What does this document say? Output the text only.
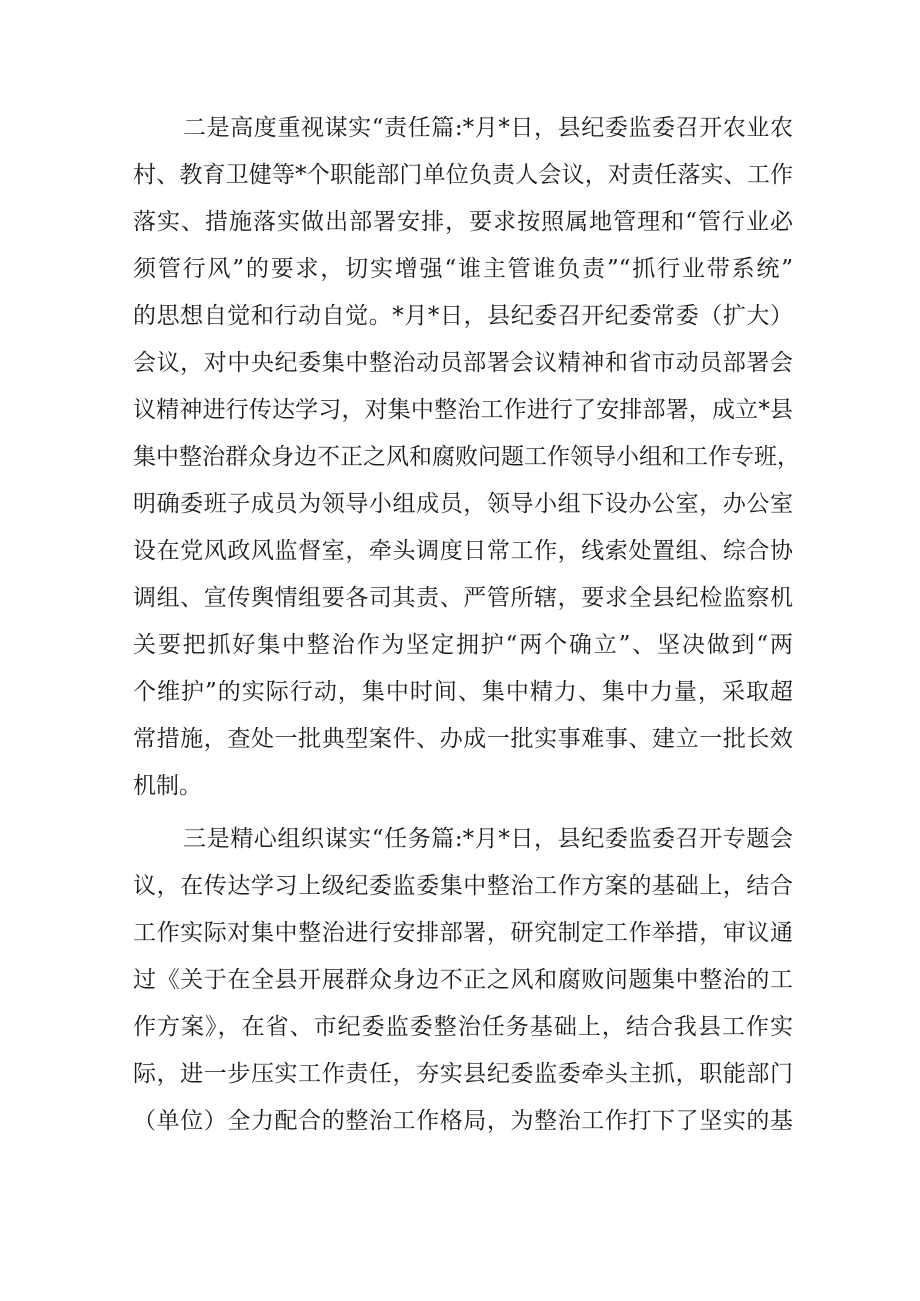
二是高度重视谋实“责任篇:*月*日，县纪委监委召开农业农
村、教育卫健等*个职能部门单位负责人会议，对责任落实、工作
落实、措施落实做出部署安排，要求按照属地管理和“管行业必
须管行风”的要求，切实增强“谁主管谁负责”“抓行业带系统”
的思想自觉和行动自觉。*月*日，县纪委召开纪委常委（扩大）
会议，对中央纪委集中整治动员部署会议精神和省市动员部署会
议精神进行传达学习，对集中整治工作进行了安排部署，成立*县
集中整治群众身边不正之风和腐败问题工作领导小组和工作专班，
明确委班子成员为领导小组成员，领导小组下设办公室，办公室
设在党风政风监督室，牵头调度日常工作，线索处置组、综合协
调组、宣传舆情组要各司其责、严管所辖，要求全县纪检监察机
关要把抓好集中整治作为坚定拥护“两个确立”、坚决做到“两
个维护”的实际行动，集中时间、集中精力、集中力量，采取超
常措施，查处一批典型案件、办成一批实事难事、建立一批长效
机制。
三是精心组织谋实“任务篇:*月*日，县纪委监委召开专题会
议，在传达学习上级纪委监委集中整治工作方案的基础上，结合
工作实际对集中整治进行安排部署，研究制定工作举措，审议通
过《关于在全县开展群众身边不正之风和腐败问题集中整治的工
作方案》，在省、市纪委监委整治任务基础上，结合我县工作实
际，进一步压实工作责任，夯实县纪委监委牵头主抓，职能部门
（单位）全力配合的整治工作格局，为整治工作打下了坚实的基
